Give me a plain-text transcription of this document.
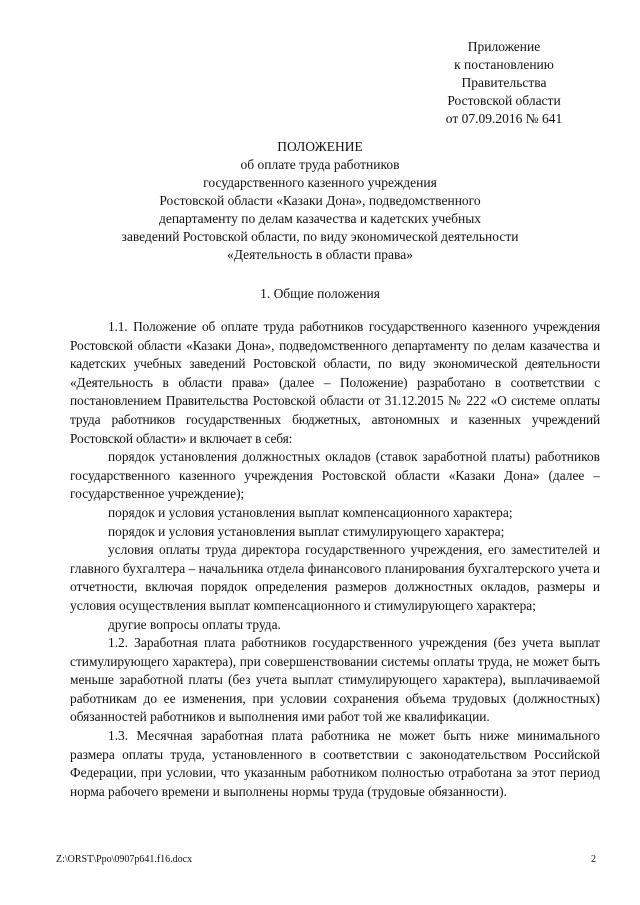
Приложение
к постановлению
Правительства
Ростовской области
от 07.09.2016 № 641
ПОЛОЖЕНИЕ
об оплате труда работников
государственного казенного учреждения
Ростовской области «Казаки Дона», подведомственного
департаменту по делам казачества и кадетских учебных
заведений Ростовской области, по виду экономической деятельности
«Деятельность в области права»
1. Общие положения

1.1. Положение об оплате труда работников государственного казенного учреждения Ростовской области «Казаки Дона», подведомственного департаменту по делам казачества и кадетских учебных заведений Ростовской области, по виду экономической деятельности «Деятельность в области права» (далее – Положение) разработано в соответствии с постановлением Правительства Ростовской области от 31.12.2015 № 222 «О системе оплаты труда работников государственных бюджетных, автономных и казенных учреждений Ростовской области» и включает в себя:

порядок установления должностных окладов (ставок заработной платы) работников государственного казенного учреждения Ростовской области «Казаки Дона» (далее – государственное учреждение);

порядок и условия установления выплат компенсационного характера;

порядок и условия установления выплат стимулирующего характера;

условия оплаты труда директора государственного учреждения, его заместителей и главного бухгалтера – начальника отдела финансового планирования бухгалтерского учета и отчетности, включая порядок определения размеров должностных окладов, размеры и условия осуществления выплат компенсационного и стимулирующего характера;

другие вопросы оплаты труда.

1.2. Заработная плата работников государственного учреждения (без учета выплат стимулирующего характера), при совершенствовании системы оплаты труда, не может быть меньше заработной платы (без учета выплат стимулирующего характера), выплачиваемой работникам до ее изменения, при условии сохранения объема трудовых (должностных) обязанностей работников и выполнения ими работ той же квалификации.

1.3. Месячная заработная плата работника не может быть ниже минимального размера оплаты труда, установленного в соответствии с законодательством Российской Федерации, при условии, что указанным работником полностью отработана за этот период норма рабочего времени и выполнены нормы труда (трудовые обязанности).

Z:\ORST\Ppo\0907p641.f16.docx	2
